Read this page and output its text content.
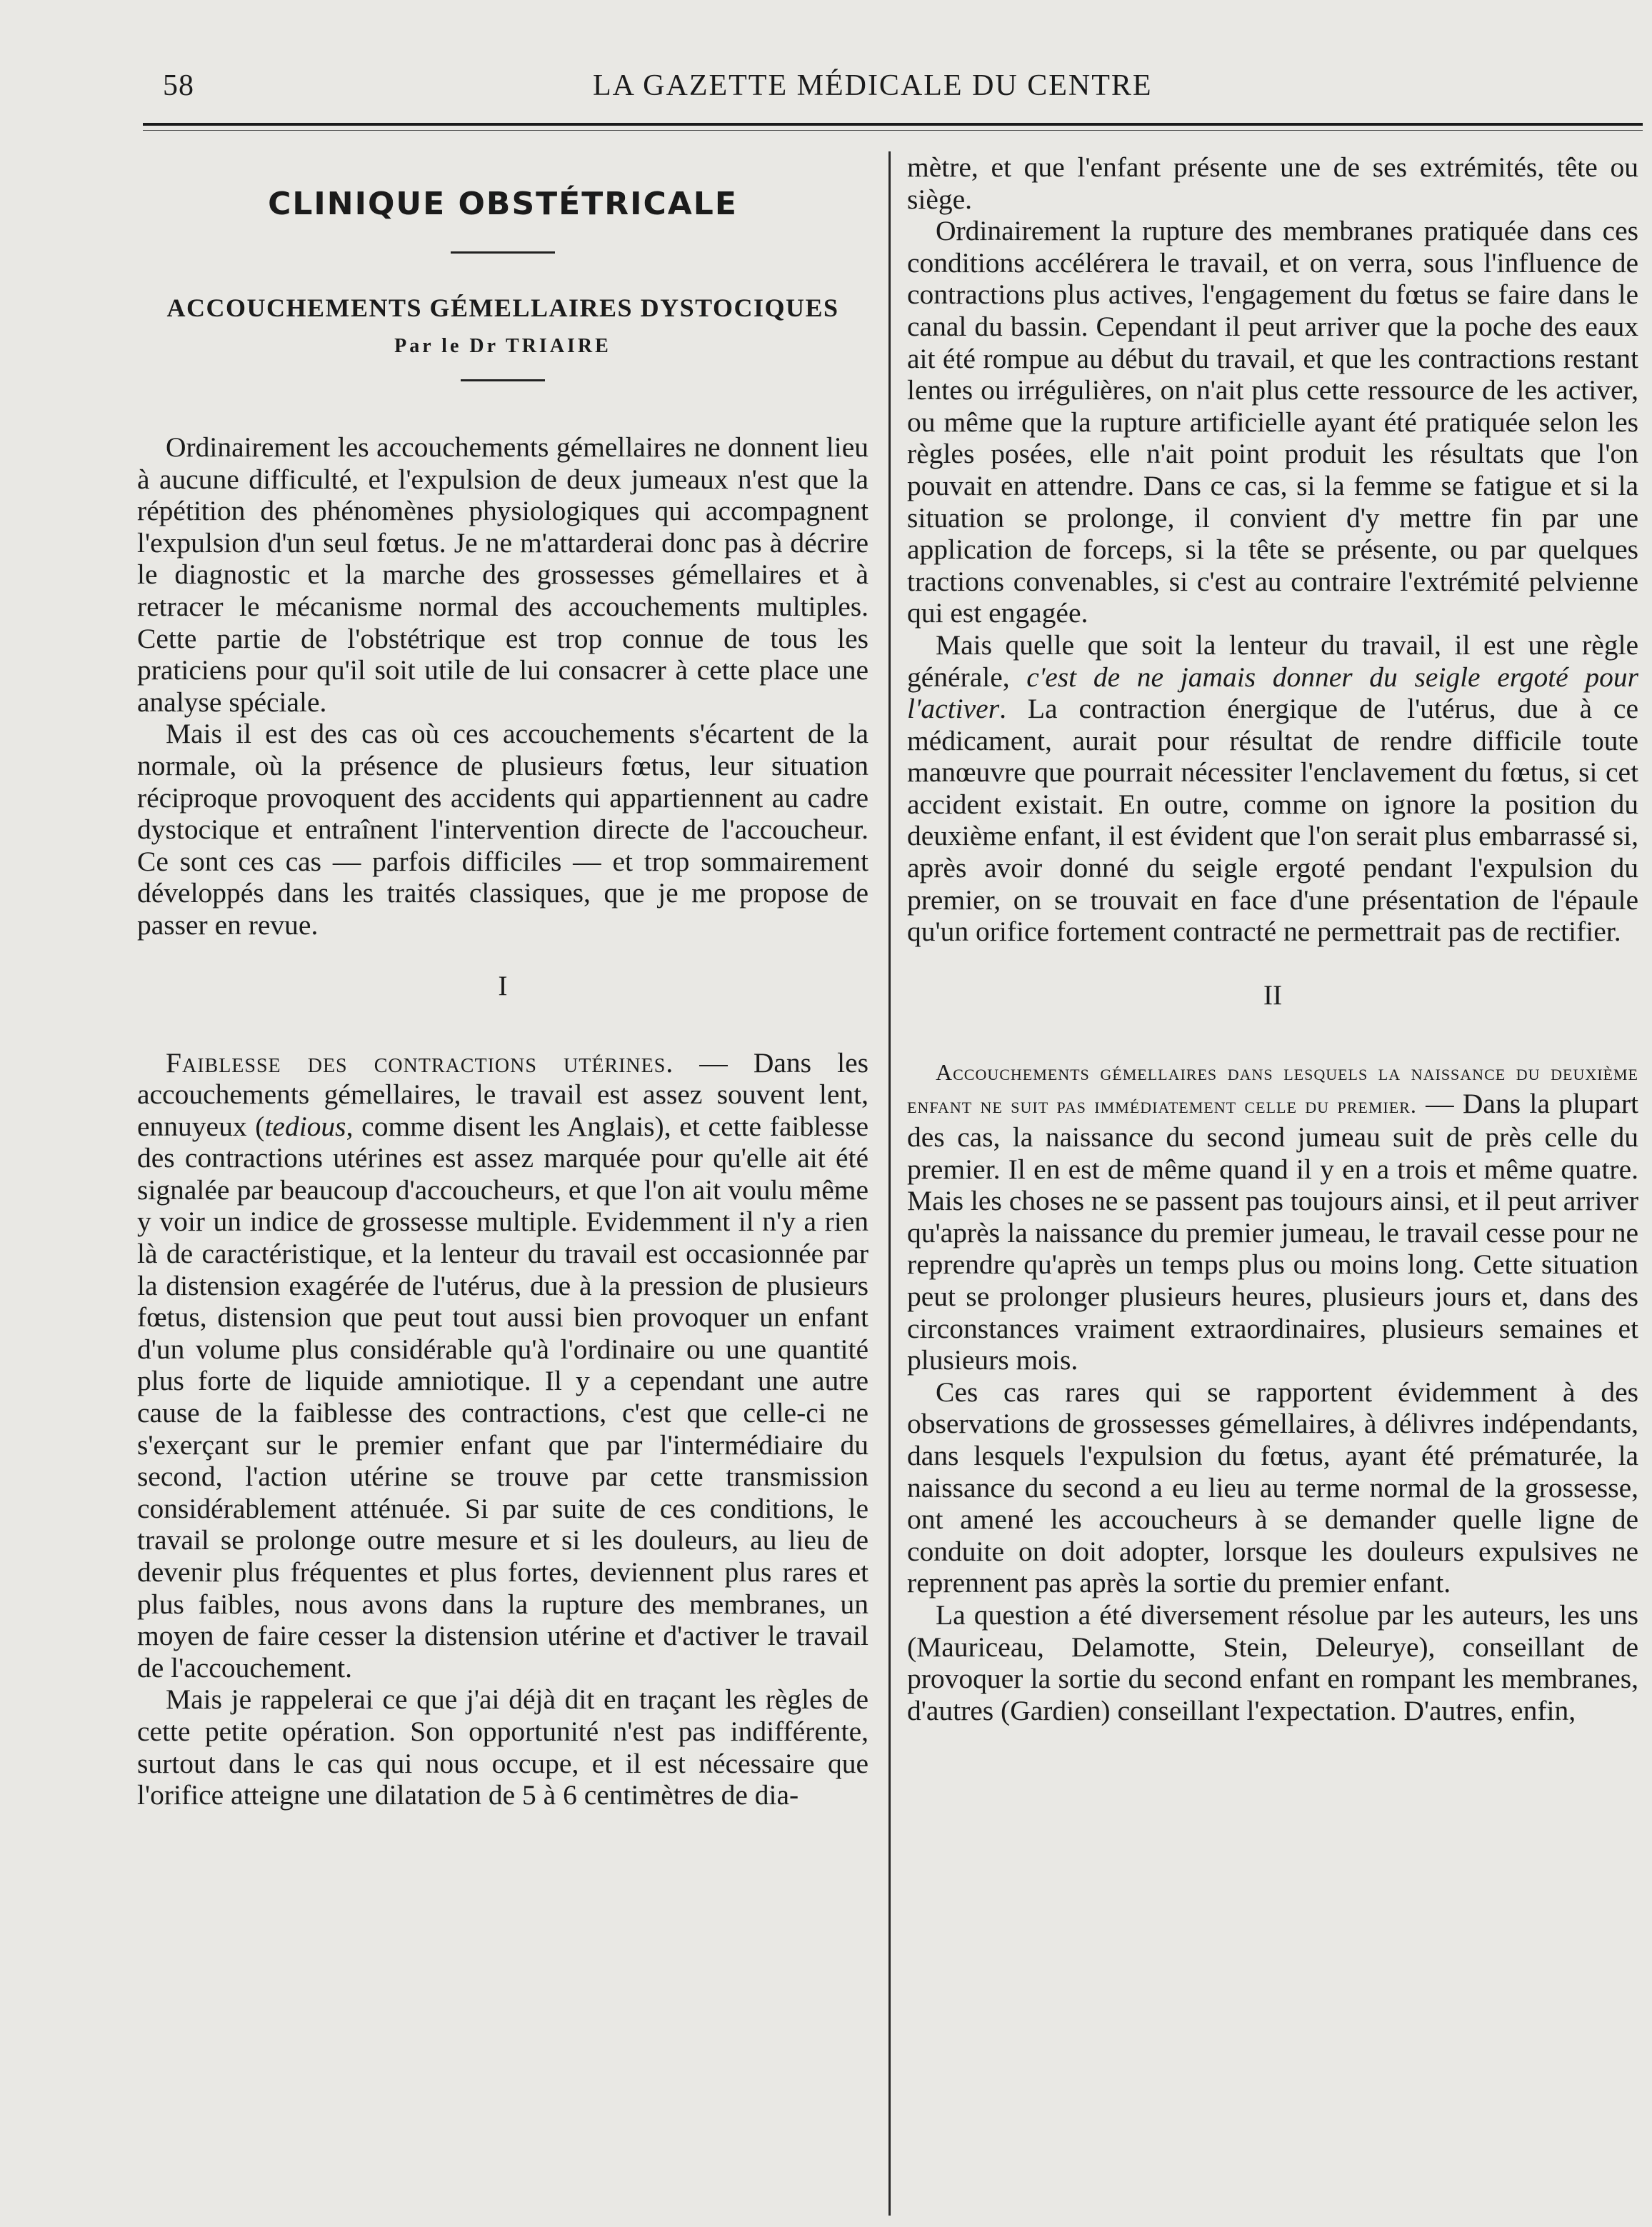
58	LA GAZETTE MÉDICALE DU CENTRE
CLINIQUE OBSTÉTRICALE
ACCOUCHEMENTS GÉMELLAIRES DYSTOCIQUES
Par le Dr TRIAIRE

Ordinairement les accouchements gémellaires ne donnent lieu à aucune difficulté, et l'expulsion de deux jumeaux n'est que la répétition des phénomènes physiologiques qui accompagnent l'expulsion d'un seul fœtus. Je ne m'attarderai donc pas à décrire le diagnostic et la marche des grossesses gémellaires et à retracer le mécanisme normal des accouchements multiples. Cette partie de l'obstétrique est trop connue de tous les praticiens pour qu'il soit utile de lui consacrer à cette place une analyse spéciale.

Mais il est des cas où ces accouchements s'écartent de la normale, où la présence de plusieurs fœtus, leur situation réciproque provoquent des accidents qui appartiennent au cadre dystocique et entraînent l'intervention directe de l'accoucheur. Ce sont ces cas — parfois difficiles — et trop sommairement développés dans les traités classiques, que je me propose de passer en revue.

I

Faiblesse des contractions utérines. — Dans les accouchements gémellaires, le travail est assez souvent lent, ennuyeux (tedious, comme disent les Anglais), et cette faiblesse des contractions utérines est assez marquée pour qu'elle ait été signalée par beaucoup d'accoucheurs, et que l'on ait voulu même y voir un indice de grossesse multiple. Evidemment il n'y a rien là de caractéristique, et la lenteur du travail est occasionnée par la distension exagérée de l'utérus, due à la pression de plusieurs fœtus, distension que peut tout aussi bien provoquer un enfant d'un volume plus considérable qu'à l'ordinaire ou une quantité plus forte de liquide amniotique. Il y a cependant une autre cause de la faiblesse des contractions, c'est que celle-ci ne s'exerçant sur le premier enfant que par l'intermédiaire du second, l'action utérine se trouve par cette transmission considérablement atténuée. Si par suite de ces conditions, le travail se prolonge outre mesure et si les douleurs, au lieu de devenir plus fréquentes et plus fortes, deviennent plus rares et plus faibles, nous avons dans la rupture des membranes, un moyen de faire cesser la distension utérine et d'activer le travail de l'accouchement.

Mais je rappelerai ce que j'ai déjà dit en traçant les règles de cette petite opération. Son opportunité n'est pas indifférente, surtout dans le cas qui nous occupe, et il est nécessaire que l'orifice atteigne une dilatation de 5 à 6 centimètres de dia-

mètre, et que l'enfant présente une de ses extrémités, tête ou siège.

Ordinairement la rupture des membranes pratiquée dans ces conditions accélérera le travail, et on verra, sous l'influence de contractions plus actives, l'engagement du fœtus se faire dans le canal du bassin. Cependant il peut arriver que la poche des eaux ait été rompue au début du travail, et que les contractions restant lentes ou irrégulières, on n'ait plus cette ressource de les activer, ou même que la rupture artificielle ayant été pratiquée selon les règles posées, elle n'ait point produit les résultats que l'on pouvait en attendre. Dans ce cas, si la femme se fatigue et si la situation se prolonge, il convient d'y mettre fin par une application de forceps, si la tête se présente, ou par quelques tractions convenables, si c'est au contraire l'extrémité pelvienne qui est engagée.

Mais quelle que soit la lenteur du travail, il est une règle générale, c'est de ne jamais donner du seigle ergoté pour l'activer. La contraction énergique de l'utérus, due à ce médicament, aurait pour résultat de rendre difficile toute manœuvre que pourrait nécessiter l'enclavement du fœtus, si cet accident existait. En outre, comme on ignore la position du deuxième enfant, il est évident que l'on serait plus embarrassé si, après avoir donné du seigle ergoté pendant l'expulsion du premier, on se trouvait en face d'une présentation de l'épaule qu'un orifice fortement contracté ne permettrait pas de rectifier.

II

Accouchements gémellaires dans lesquels la naissance du deuxième enfant ne suit pas immédiatement celle du premier. — Dans la plupart des cas, la naissance du second jumeau suit de près celle du premier. Il en est de même quand il y en a trois et même quatre. Mais les choses ne se passent pas toujours ainsi, et il peut arriver qu'après la naissance du premier jumeau, le travail cesse pour ne reprendre qu'après un temps plus ou moins long. Cette situation peut se prolonger plusieurs heures, plusieurs jours et, dans des circonstances vraiment extraordinaires, plusieurs semaines et plusieurs mois.

Ces cas rares qui se rapportent évidemment à des observations de grossesses gémellaires, à délivres indépendants, dans lesquels l'expulsion du fœtus, ayant été prématurée, la naissance du second a eu lieu au terme normal de la grossesse, ont amené les accoucheurs à se demander quelle ligne de conduite on doit adopter, lorsque les douleurs expulsives ne reprennent pas après la sortie du premier enfant.

La question a été diversement résolue par les auteurs, les uns (Mauriceau, Delamotte, Stein, Deleurye), conseillant de provoquer la sortie du second enfant en rompant les membranes, d'autres (Gardien) conseillant l'expectation. D'autres, enfin,
